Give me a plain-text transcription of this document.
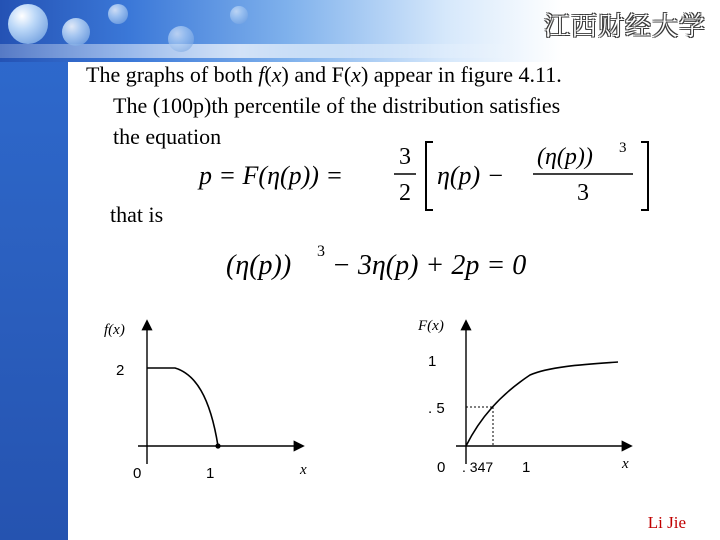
江西财经大学
The graphs of both f(x) and F(x) appear in figure 4.11.
The (100p)th percentile of the distribution satisfies
the equation
p = F(η(p)) =
3
2
η(p) −
(η(p)) 3
3
that is
(η(p)) 3 − 3η(p) + 2p = 0
f(x)
2
0	1	x
F(x)
1
. 5
0 . 347 1	x
Li Jie
